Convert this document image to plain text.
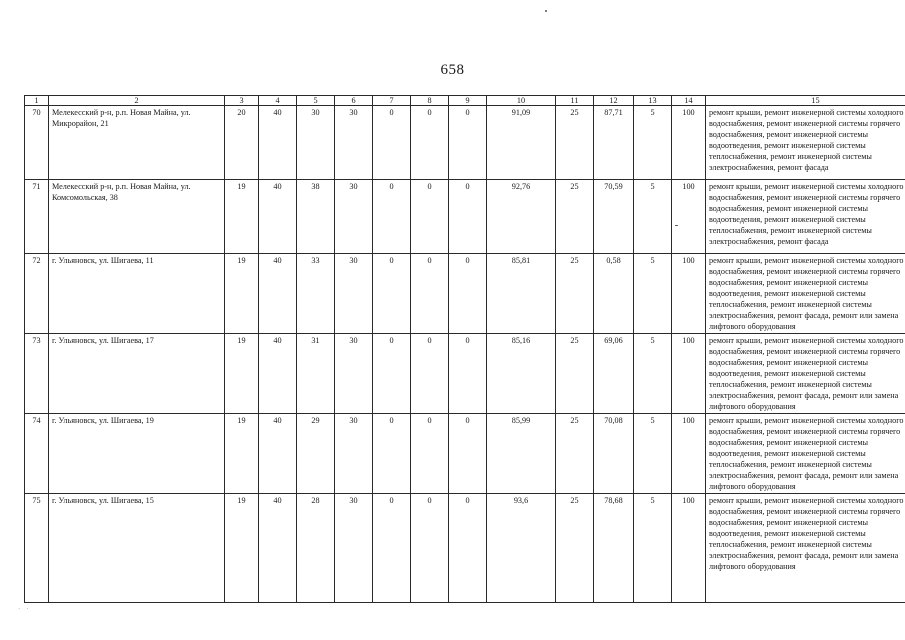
658
1	2	3	4	5	6	7	8	9	10	11	12	13	14	15
70	Мелекесский р-н, р.п. Новая Майна, ул. Микрорайон, 21	20	40	30	30	0	0	0	91,09	25	87,71	5	100	ремонт крыши, ремонт инженерной системы холодного водоснабжения, ремонт инженерной системы горячего водоснабжения, ремонт инженерной системы водоотведения, ремонт инженерной системы теплоснабжения, ремонт инженерной системы электроснабжения, ремонт фасада
71	Мелекесский р-н, р.п. Новая Майна, ул. Комсомольская, 38	19	40	38	30	0	0	0	92,76	25	70,59	5	100	ремонт крыши, ремонт инженерной системы холодного водоснабжения, ремонт инженерной системы горячего водоснабжения, ремонт инженерной системы водоотведения, ремонт инженерной системы теплоснабжения, ремонт инженерной системы электроснабжения, ремонт фасада
72	г. Ульяновск, ул. Шигаева, 11	19	40	33	30	0	0	0	85,81	25	0,58	5	100	ремонт крыши, ремонт инженерной системы холодного водоснабжения, ремонт инженерной системы горячего водоснабжения, ремонт инженерной системы водоотведения, ремонт инженерной системы теплоснабжения, ремонт инженерной системы электроснабжения, ремонт фасада, ремонт или замена лифтового оборудования
73	г. Ульяновск, ул. Шигаева, 17	19	40	31	30	0	0	0	85,16	25	69,06	5	100	ремонт крыши, ремонт инженерной системы холодного водоснабжения, ремонт инженерной системы горячего водоснабжения, ремонт инженерной системы водоотведения, ремонт инженерной системы теплоснабжения, ремонт инженерной системы электроснабжения, ремонт фасада, ремонт или замена лифтового оборудования
74	г. Ульяновск, ул. Шигаева, 19	19	40	29	30	0	0	0	85,99	25	70,08	5	100	ремонт крыши, ремонт инженерной системы холодного водоснабжения, ремонт инженерной системы горячего водоснабжения, ремонт инженерной системы водоотведения, ремонт инженерной системы теплоснабжения, ремонт инженерной системы электроснабжения, ремонт фасада, ремонт или замена лифтового оборудования
75	г. Ульяновск, ул. Шигаева, 15	19	40	28	30	0	0	0	93,6	25	78,68	5	100	ремонт крыши, ремонт инженерной системы холодного водоснабжения, ремонт инженерной системы горячего водоснабжения, ремонт инженерной системы водоотведения, ремонт инженерной системы теплоснабжения, ремонт инженерной системы электроснабжения, ремонт фасада, ремонт или замена лифтового оборудования
· ·
